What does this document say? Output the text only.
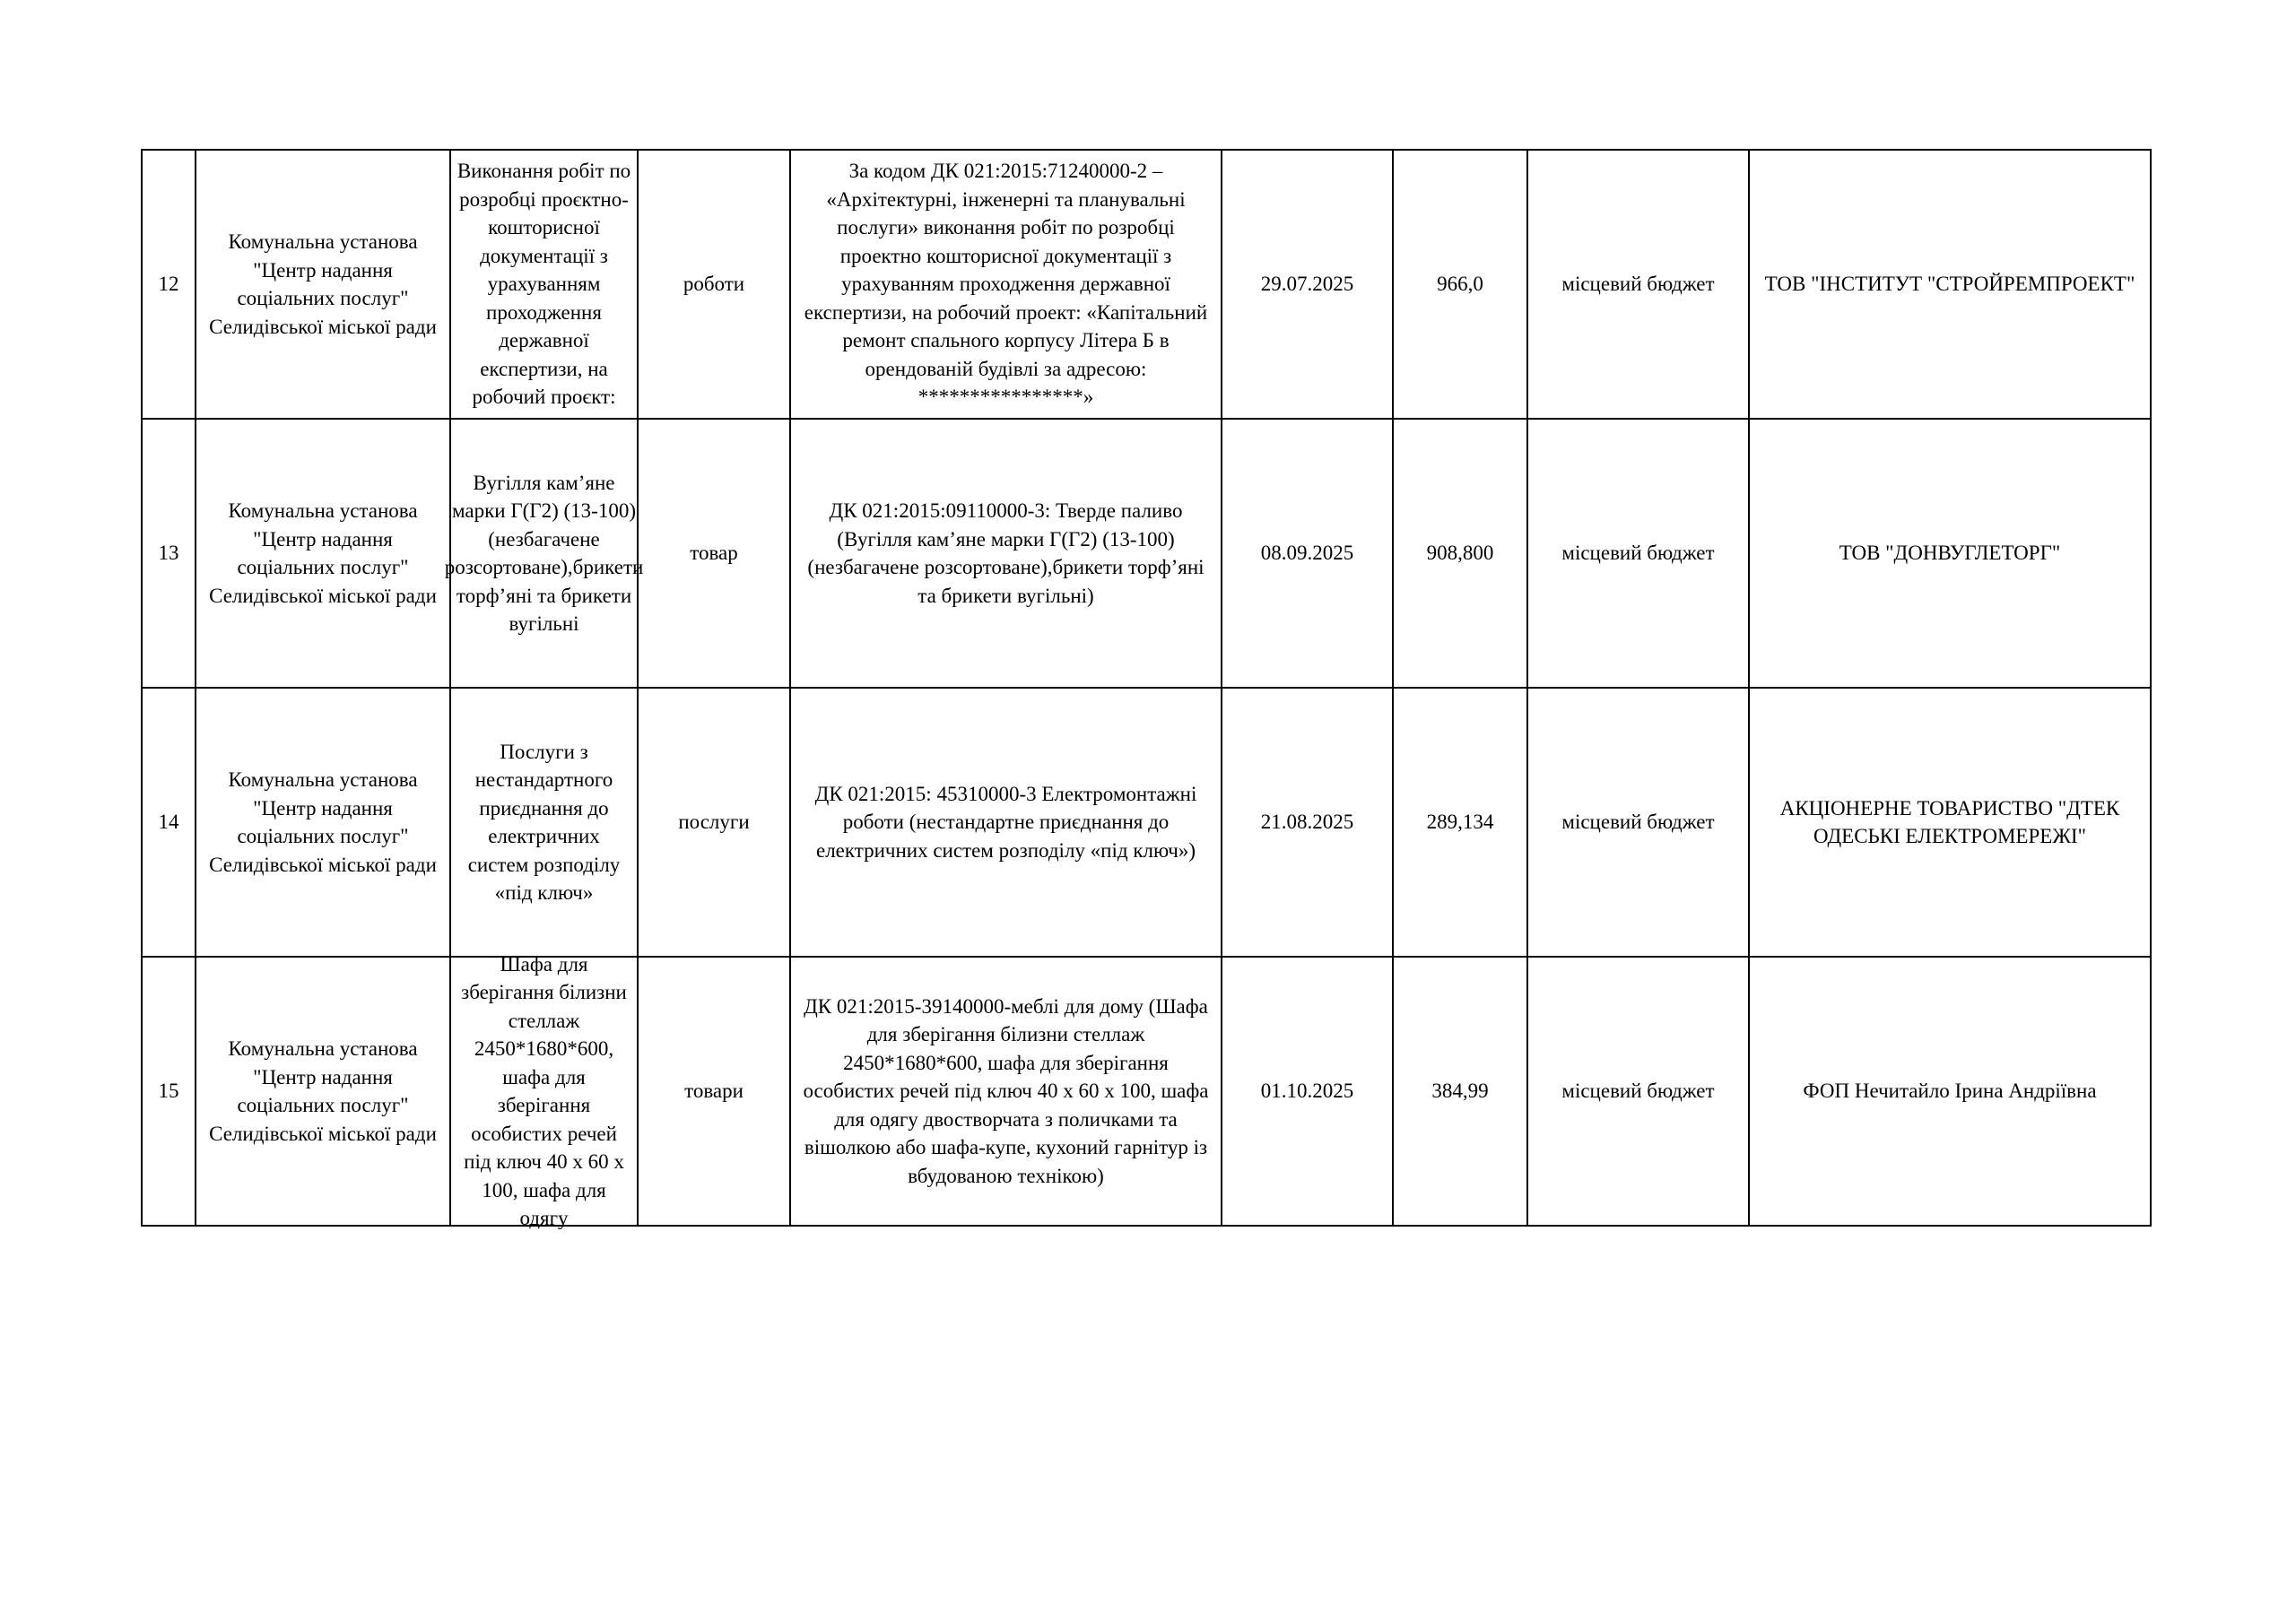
12	Комунальна установа "Центр надання соціальних послуг" Селидівської міської ради	Виконання робіт по розробці проєктно-кошторисної документації з урахуванням проходження державної експертизи, на робочий проєкт:	роботи	За кодом ДК 021:2015:71240000-2 – «Архітектурні, інженерні та планувальні послуги» виконання робіт по розробці проектно кошторисної документації з урахуванням проходження державної експертизи, на робочий проект: «Капітальний ремонт спального корпусу Літера Б в орендованій будівлі за адресою: ****************»	29.07.2025	966,0	місцевий бюджет	ТОВ "ІНСТИТУТ "СТРОЙРЕМПРОЕКТ"
13	Комунальна установа "Центр надання соціальних послуг" Селидівської міської ради	Вугілля кам’яне марки Г(Г2) (13-100) (незбагачене розсортоване),брикети торф’яні та брикети вугільні	товар	ДК 021:2015:09110000-3: Тверде паливо (Вугілля кам’яне марки Г(Г2) (13-100) (незбагачене розсортоване),брикети торф’яні та брикети вугільні)	08.09.2025	908,800	місцевий бюджет	ТОВ "ДОНВУГЛЕТОРГ"
14	Комунальна установа "Центр надання соціальних послуг" Селидівської міської ради	Послуги з нестандартного приєднання до електричних систем розподілу «під ключ»	послуги	ДК 021:2015: 45310000-3 Електромонтажні роботи (нестандартне приєднання до електричних систем розподілу «під ключ»)	21.08.2025	289,134	місцевий бюджет	АКЦІОНЕРНЕ ТОВАРИСТВО "ДТЕК ОДЕСЬКІ ЕЛЕКТРОМЕРЕЖІ"
15	Комунальна установа "Центр надання соціальних послуг" Селидівської міської ради	Шафа для зберігання білизни стеллаж 2450*1680*600, шафа для зберігання особистих речей під ключ 40 х 60 х 100, шафа для одягу	товари	ДК 021:2015-39140000-меблі для дому (Шафа для зберігання білизни стеллаж 2450*1680*600, шафа для зберігання особистих речей під ключ 40 х 60 х 100, шафа для одягу двостворчата з поличками та вішолкою або шафа-купе, кухоний гарнітур із вбудованою технікою)	01.10.2025	384,99	місцевий бюджет	ФОП Нечитайло Ірина Андріївна
